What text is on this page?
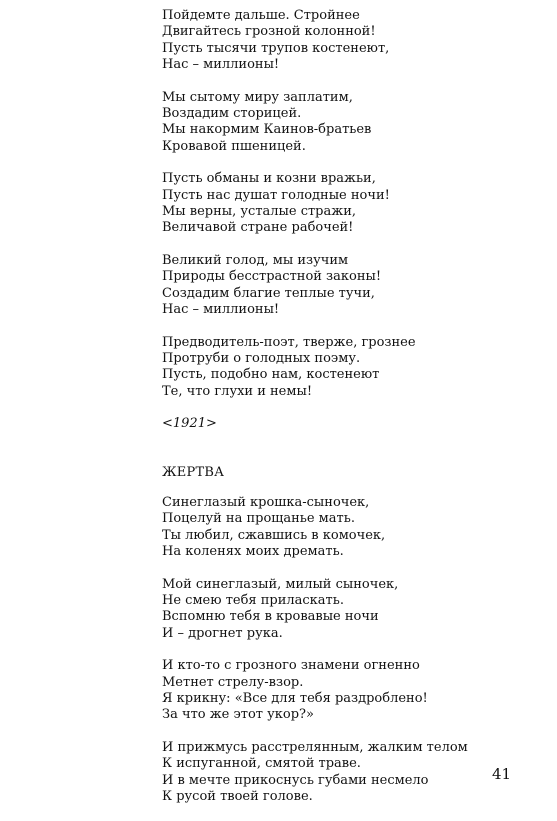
Пойдемте дальше. Стройнее
Двигайтесь грозной колонной!
Пусть тысячи трупов костенеют,
Нас – миллионы!
Мы сытому миру заплатим,
Воздадим сторицей.
Мы накормим Каинов-братьев
Кровавой пшеницей.
Пусть обманы и козни вражьи,
Пусть нас душат голодные ночи!
Мы верны, усталые стражи,
Величавой стране рабочей!
Великий голод, мы изучим
Природы бесстрастной законы!
Создадим благие теплые тучи,
Нас – миллионы!
Предводитель-поэт, тверже, грознее
Протруби о голодных поэму.
Пусть, подобно нам, костенеют
Те, что глухи и немы!
<1921>
ЖЕРТВА
Синеглазый крошка-сыночек,
Поцелуй на прощанье мать.
Ты любил, сжавшись в комочек,
На коленях моих дремать.
Мой синеглазый, милый сыночек,
Не смею тебя приласкать.
Вспомню тебя в кровавые ночи
И – дрогнет рука.
И кто-то с грозного знамени огненно
Метнет стрелу-взор.
Я крикну: «Все для тебя раздроблено!
За что же этот укор?»
И прижмусь расстрелянным, жалким телом
К испуганной, смятой траве.
И в мечте прикоснусь губами несмело
К русой твоей голове.
41
